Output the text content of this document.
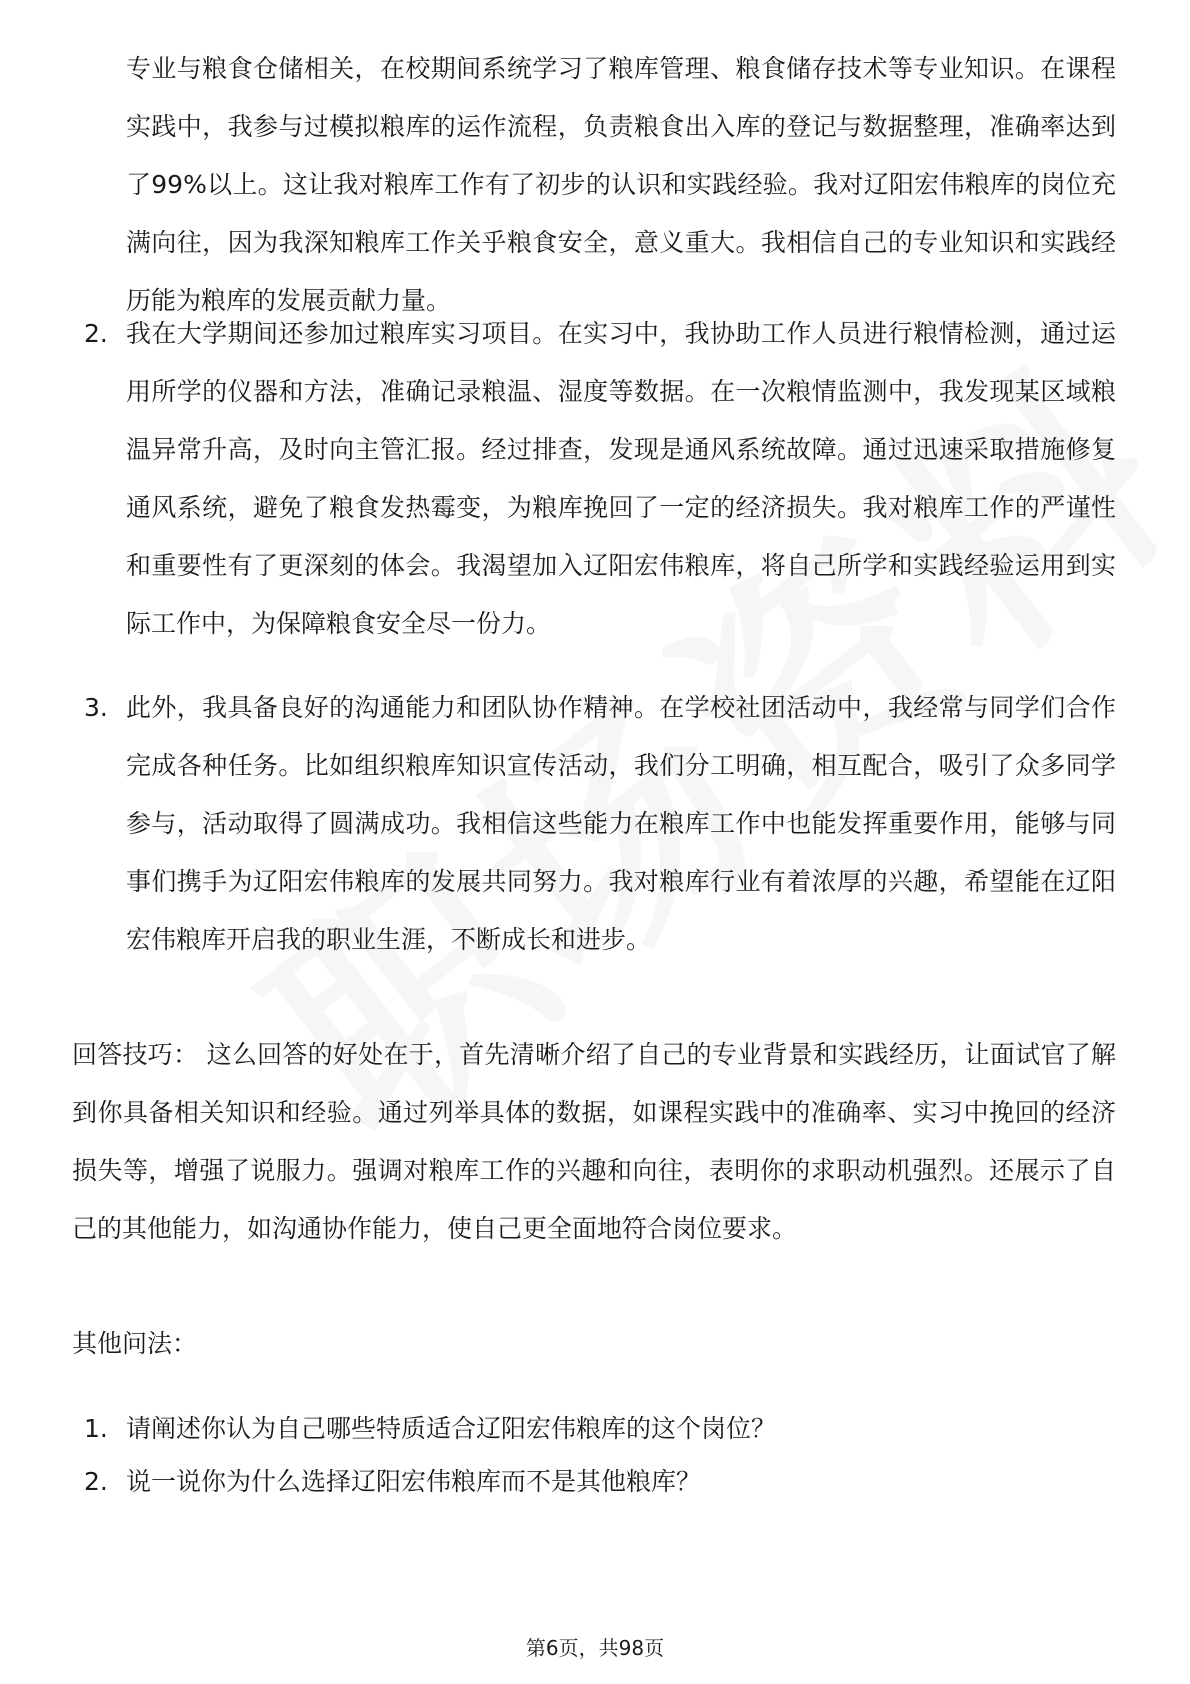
专业与粮食仓储相关，在校期间系统学习了粮库管理、粮食储存技术等专业知识。在课程实践中，我参与过模拟粮库的运作流程，负责粮食出入库的登记与数据整理，准确率达到了99%以上。这让我对粮库工作有了初步的认识和实践经验。我对辽阳宏伟粮库的岗位充满向往，因为我深知粮库工作关乎粮食安全，意义重大。我相信自己的专业知识和实践经历能为粮库的发展贡献力量。

2. 我在大学期间还参加过粮库实习项目。在实习中，我协助工作人员进行粮情检测，通过运用所学的仪器和方法，准确记录粮温、湿度等数据。在一次粮情监测中，我发现某区域粮温异常升高，及时向主管汇报。经过排查，发现是通风系统故障。通过迅速采取措施修复通风系统，避免了粮食发热霉变，为粮库挽回了一定的经济损失。我对粮库工作的严谨性和重要性有了更深刻的体会。我渴望加入辽阳宏伟粮库，将自己所学和实践经验运用到实际工作中，为保障粮食安全尽一份力。

3. 此外，我具备良好的沟通能力和团队协作精神。在学校社团活动中，我经常与同学们合作完成各种任务。比如组织粮库知识宣传活动，我们分工明确，相互配合，吸引了众多同学参与，活动取得了圆满成功。我相信这些能力在粮库工作中也能发挥重要作用，能够与同事们携手为辽阳宏伟粮库的发展共同努力。我对粮库行业有着浓厚的兴趣，希望能在辽阳宏伟粮库开启我的职业生涯，不断成长和进步。

回答技巧： 这么回答的好处在于，首先清晰介绍了自己的专业背景和实践经历，让面试官了解到你具备相关知识和经验。通过列举具体的数据，如课程实践中的准确率、实习中挽回的经济损失等，增强了说服力。强调对粮库工作的兴趣和向往，表明你的求职动机强烈。还展示了自己的其他能力，如沟通协作能力，使自己更全面地符合岗位要求。

其他问法：

1. 请阐述你认为自己哪些特质适合辽阳宏伟粮库的这个岗位？

2. 说一说你为什么选择辽阳宏伟粮库而不是其他粮库？

第6页，共98页
